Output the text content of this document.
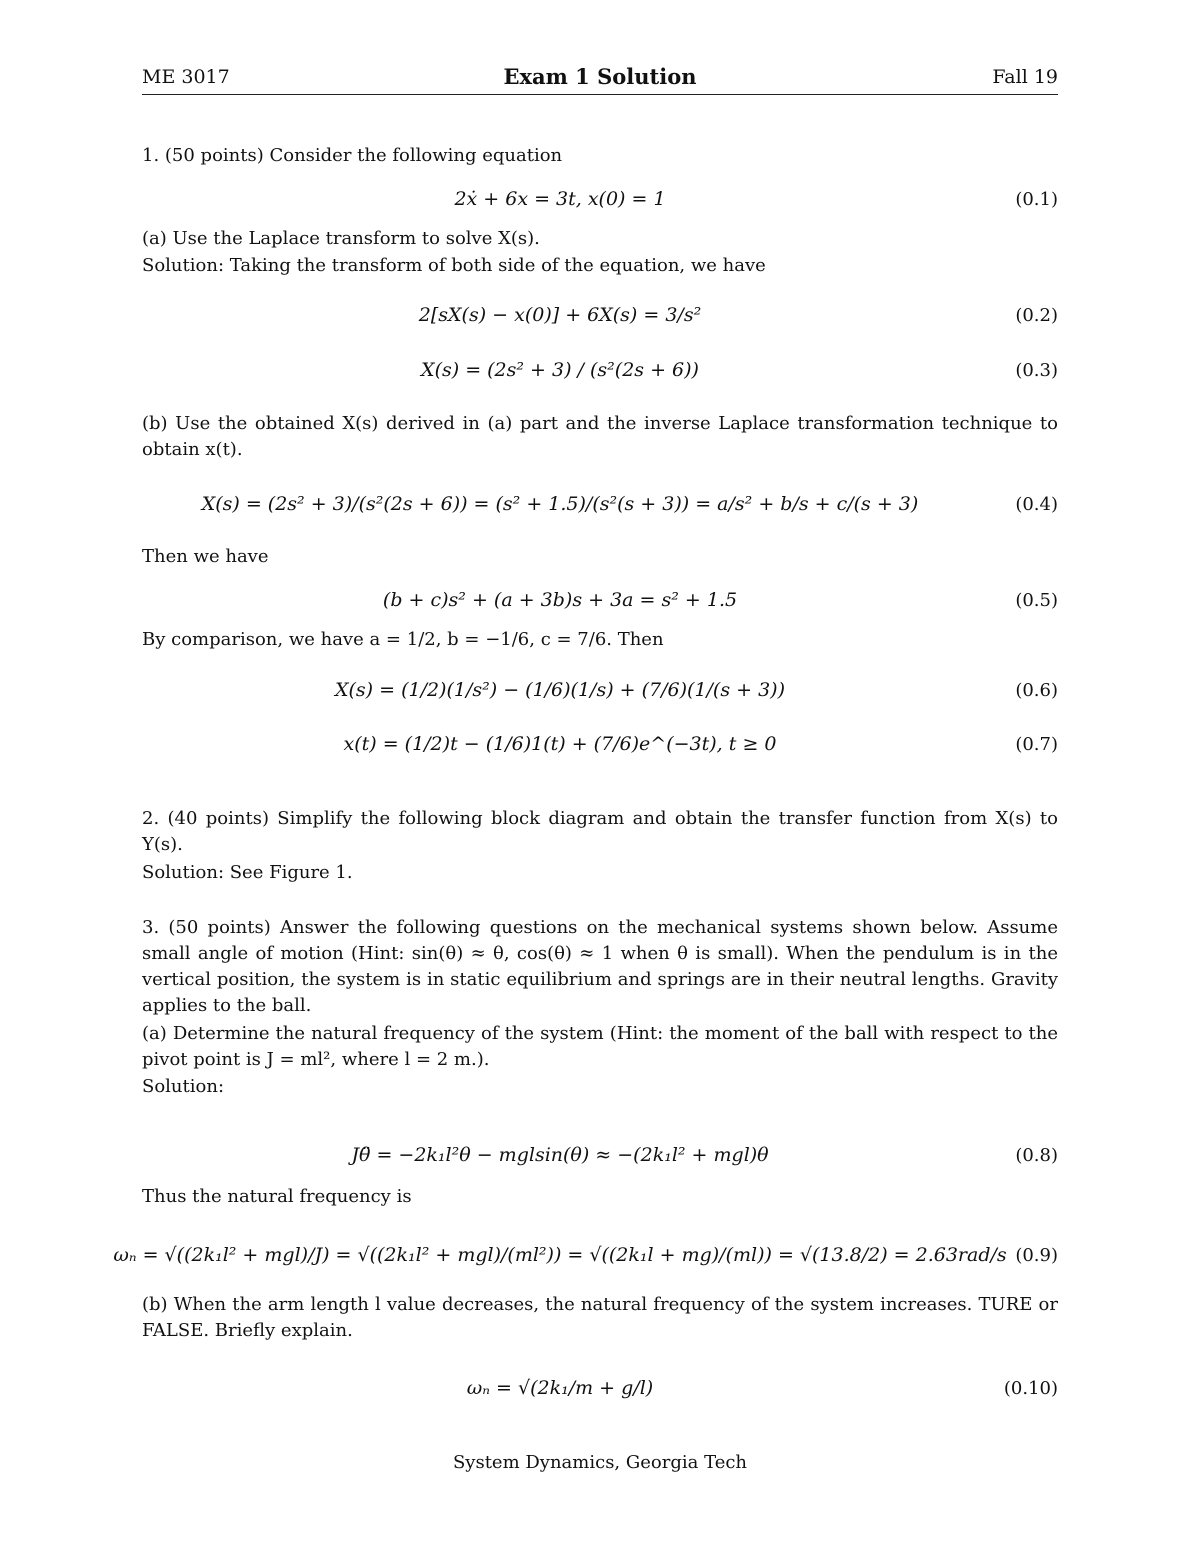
ME 3017	Exam 1 Solution	Fall 19
1. (50 points) Consider the following equation
2ẋ + 6x = 3t, x(0) = 1	(0.1)
(a) Use the Laplace transform to solve X(s).
Solution: Taking the transform of both side of the equation, we have
2[sX(s) − x(0)] + 6X(s) = 3/s²	(0.2)
X(s) = (2s² + 3) / (s²(2s + 6))	(0.3)
(b) Use the obtained X(s) derived in (a) part and the inverse Laplace transformation technique to obtain x(t).
X(s) = (2s² + 3)/(s²(2s + 6)) = (s² + 1.5)/(s²(s + 3)) = a/s² + b/s + c/(s + 3)	(0.4)
Then we have
(b + c)s² + (a + 3b)s + 3a = s² + 1.5	(0.5)
By comparison, we have a = 1/2, b = −1/6, c = 7/6. Then
X(s) = (1/2)(1/s²) − (1/6)(1/s) + (7/6)(1/(s + 3))	(0.6)
x(t) = (1/2)t − (1/6)1(t) + (7/6)e^(−3t), t ≥ 0	(0.7)
2. (40 points) Simplify the following block diagram and obtain the transfer function from X(s) to Y(s).
Solution: See Figure 1.
3. (50 points) Answer the following questions on the mechanical systems shown below. Assume small angle of motion (Hint: sin(θ) ≈ θ, cos(θ) ≈ 1 when θ is small). When the pendulum is in the vertical position, the system is in static equilibrium and springs are in their neutral lengths. Gravity applies to the ball.
(a) Determine the natural frequency of the system (Hint: the moment of the ball with respect to the pivot point is J = ml², where l = 2 m.).
Solution:
Jθ̈ = −2k₁l²θ − mglsin(θ) ≈ −(2k₁l² + mgl)θ	(0.8)
Thus the natural frequency is
ωₙ = √((2k₁l² + mgl)/J) = √((2k₁l² + mgl)/(ml²)) = √((2k₁l + mg)/(ml)) = √(13.8/2) = 2.63rad/s (0.9)
(b) When the arm length l value decreases, the natural frequency of the system increases. TURE or FALSE. Briefly explain.
ωₙ = √(2k₁/m + g/l)	(0.10)
System Dynamics, Georgia Tech
